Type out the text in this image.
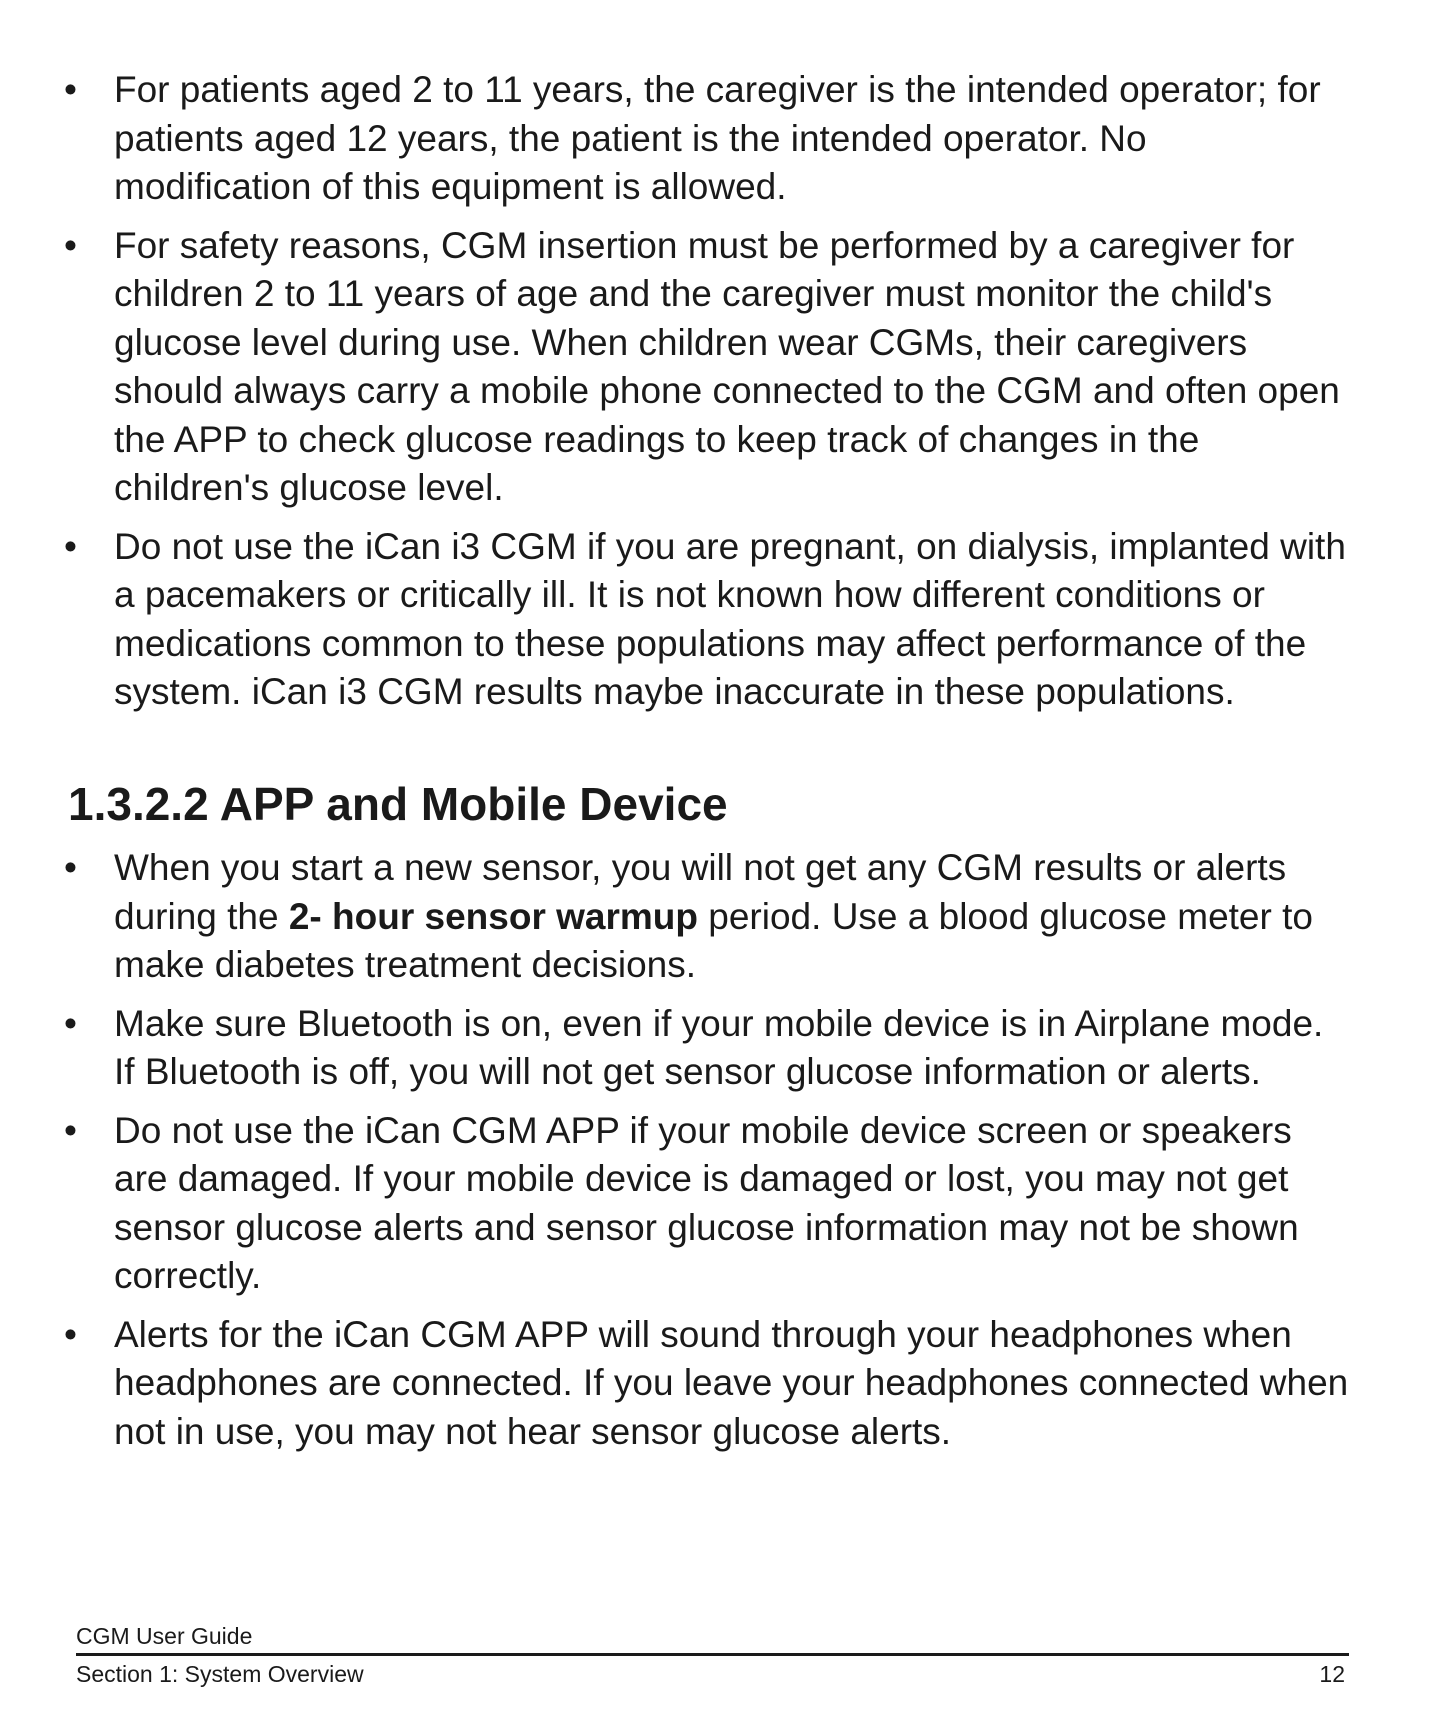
•	For patients aged 2 to 11 years, the caregiver is the intended operator; for patients aged 12 years, the patient is the intended operator. No modification of this equipment is allowed.
•	For safety reasons, CGM insertion must be performed by a caregiver for children 2 to 11 years of age and the caregiver must monitor the child's glucose level during use. When children wear CGMs, their caregivers should always carry a mobile phone connected to the CGM and often open the APP to check glucose readings to keep track of changes in the children's glucose level.
•	Do not use the iCan i3 CGM if you are pregnant, on dialysis, implanted with a pacemakers or critically ill. It is not known how different conditions or medications common to these populations may affect performance of the system. iCan i3 CGM results maybe inaccurate in these populations.
1.3.2.2 APP and Mobile Device
•	When you start a new sensor, you will not get any CGM results or alerts during the 2- hour sensor warmup period. Use a blood glucose meter to make diabetes treatment decisions.
•	Make sure Bluetooth is on, even if your mobile device is in Airplane mode. If Bluetooth is off, you will not get sensor glucose information or alerts.
•	Do not use the iCan CGM APP if your mobile device screen or speakers are damaged. If your mobile device is damaged or lost, you may not get sensor glucose alerts and sensor glucose information may not be shown correctly.
•	Alerts for the iCan CGM APP will sound through your headphones when headphones are connected. If you leave your headphones connected when not in use, you may not hear sensor glucose alerts.
CGM User Guide
Section 1: System Overview	12
